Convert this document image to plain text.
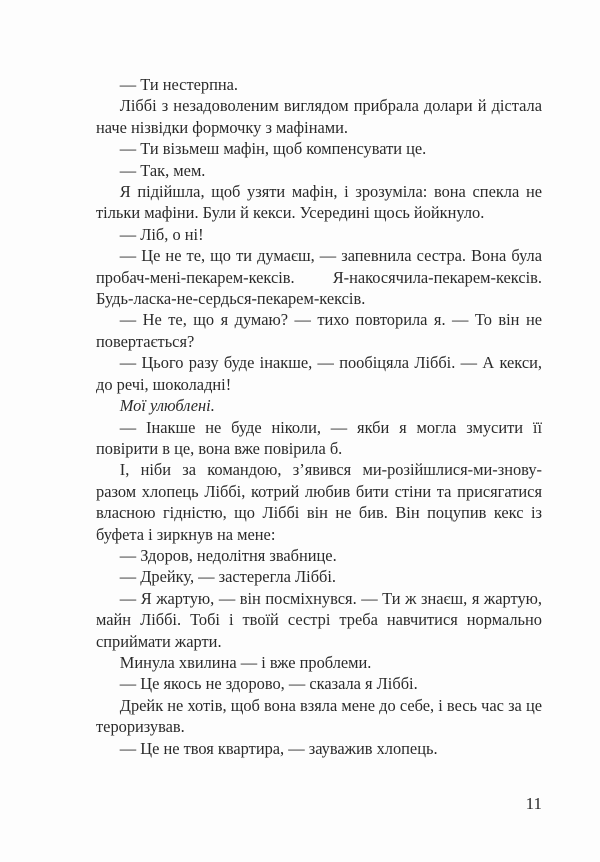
— Ти нестерпна.

Ліббі з незадоволеним виглядом прибрала долари й дістала наче нізвідки формочку з мафінами.

— Ти візьмеш мафін, щоб компенсувати це.

— Так, мем.

Я підійшла, щоб узяти мафін, і зрозуміла: вона спекла не тільки мафіни. Були й кекси. Усередині щось йойкнуло.

— Ліб, о ні!

— Це не те, що ти думаєш, — запевнила сестра. Вона була пробач-мені-пекарем-кексів. Я-накосячила-пекарем-кексів. Будь-ласка-не-сердься-пекарем-кексів.

— Не те, що я думаю? — тихо повторила я. — То він не повертається?

— Цього разу буде інакше, — пообіцяла Ліббі. — А кекси, до речі, шоколадні!

Мої улюблені.

— Інакше не буде ніколи, — якби я могла змусити її повірити в це, вона вже повірила б.

І, ніби за командою, з’явився ми-розійшлися-ми-знову-разом хлопець Ліббі, котрий любив бити стіни та присягатися власною гідністю, що Ліббі він не бив. Він поцупив кекс із буфета і зиркнув на мене:

— Здоров, недолітня звабнице.

— Дрейку, — застерегла Ліббі.

— Я жартую, — він посміхнувся. — Ти ж знаєш, я жартую, майн Ліббі. Тобі і твоїй сестрі треба навчитися нормально сприймати жарти.

Минула хвилина — і вже проблеми.

— Це якось не здорово, — сказала я Ліббі.

Дрейк не хотів, щоб вона взяла мене до себе, і весь час за це тероризував.

— Це не твоя квартира, — зауважив хлопець.

11
